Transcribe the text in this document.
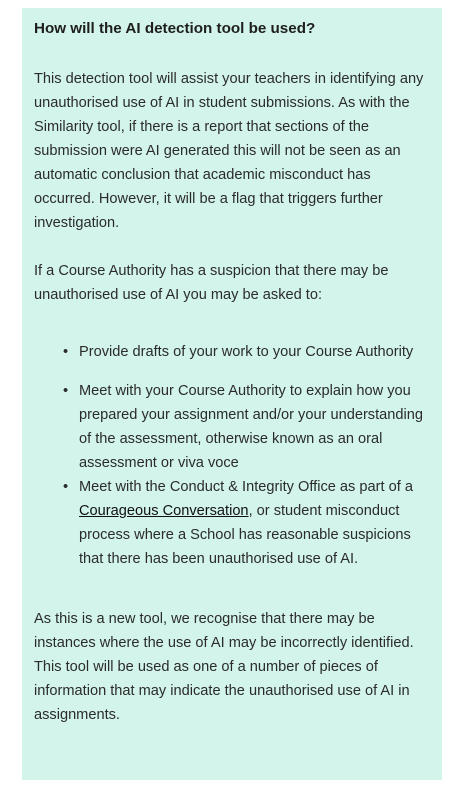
How will the AI detection tool be used?

This detection tool will assist your teachers in identifying any unauthorised use of AI in student submissions. As with the Similarity tool, if there is a report that sections of the submission were AI generated this will not be seen as an automatic conclusion that academic misconduct has occurred. However, it will be a flag that triggers further investigation.

If a Course Authority has a suspicion that there may be unauthorised use of AI you may be asked to:

• Provide drafts of your work to your Course Authority
• Meet with your Course Authority to explain how you prepared your assignment and/or your understanding of the assessment, otherwise known as an oral assessment or viva voce
• Meet with the Conduct & Integrity Office as part of a Courageous Conversation, or student misconduct process where a School has reasonable suspicions that there has been unauthorised use of AI.

As this is a new tool, we recognise that there may be instances where the use of AI may be incorrectly identified. This tool will be used as one of a number of pieces of information that may indicate the unauthorised use of AI in assignments.
